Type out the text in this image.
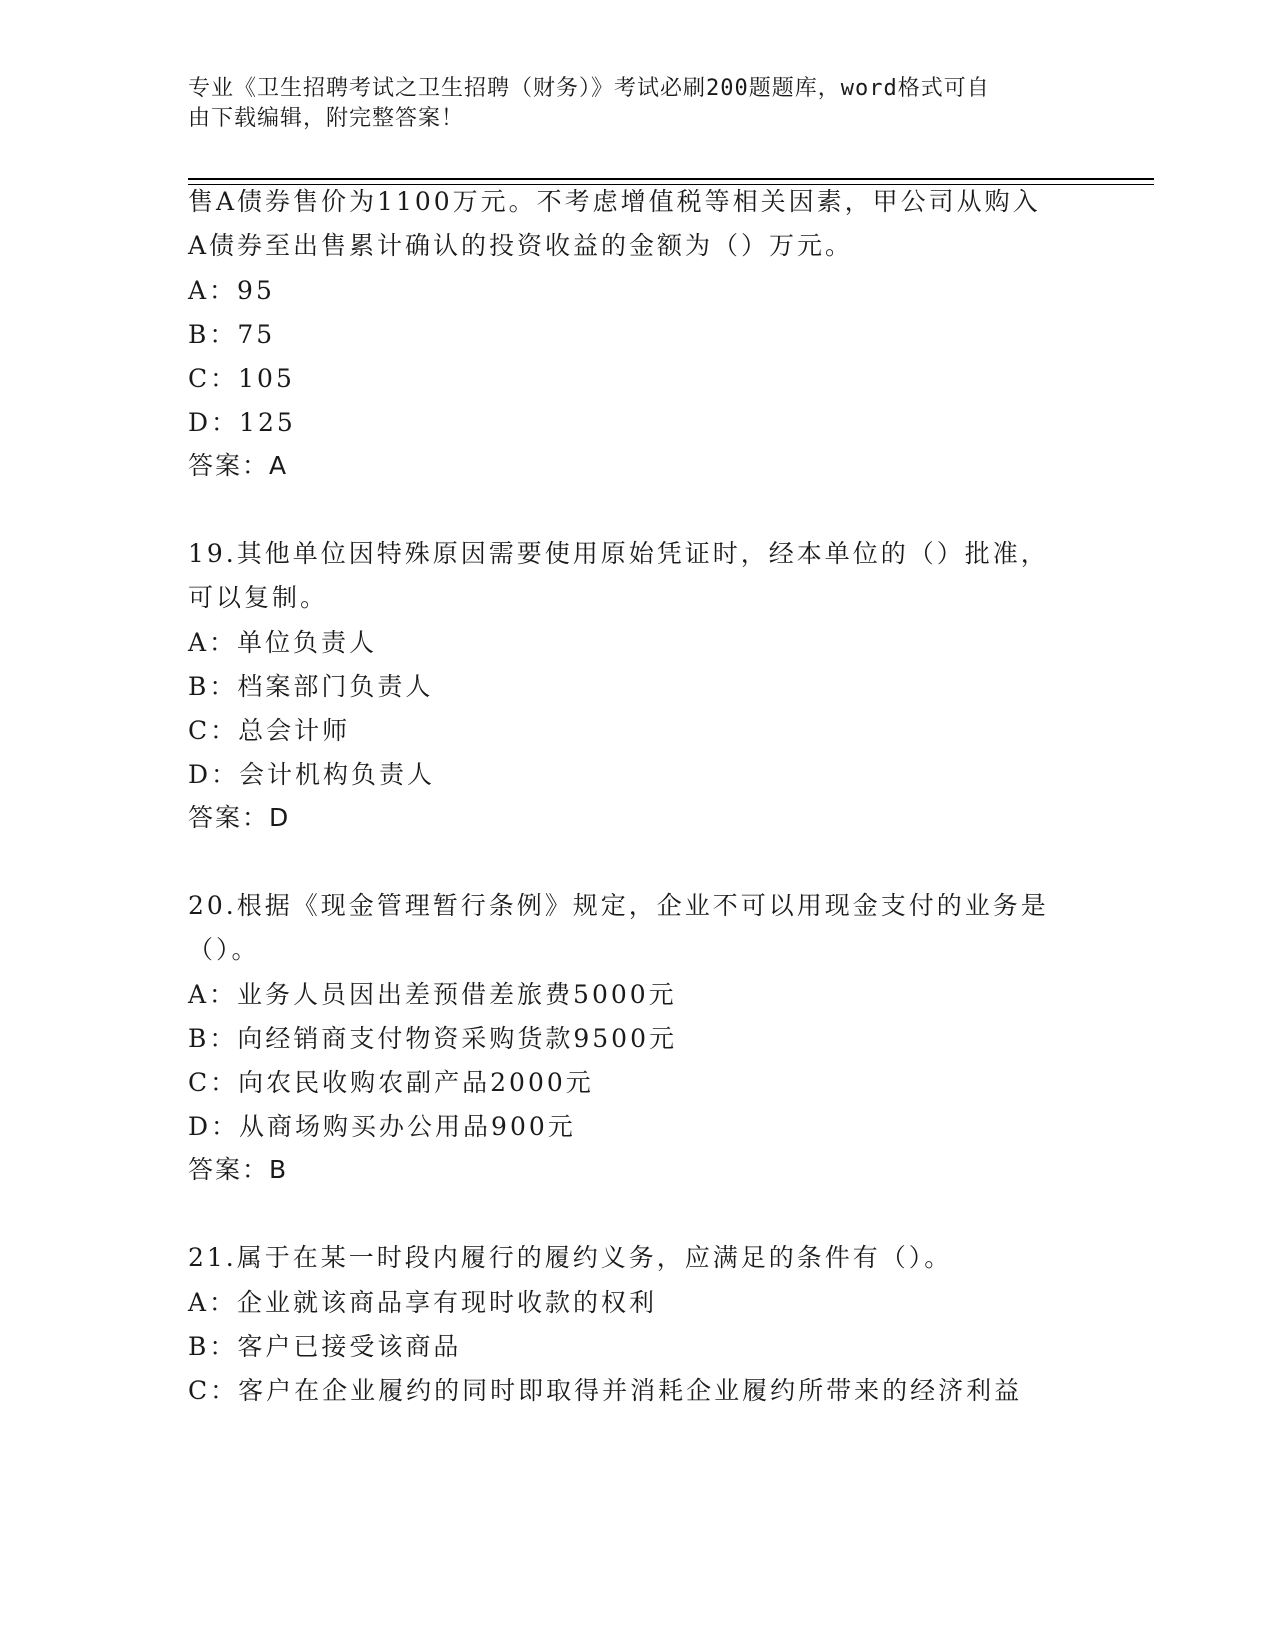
专业《卫生招聘考试之卫生招聘（财务）》考试必刷200题题库，word格式可自

由下载编辑，附完整答案！

售A债券售价为1100万元。不考虑增值税等相关因素，甲公司从购入
A债券至出售累计确认的投资收益的金额为（）万元。
A：95
B：75
C：105
D：125
答案：A
19.其他单位因特殊原因需要使用原始凭证时，经本单位的（）批准，
可以复制。
A：单位负责人
B：档案部门负责人
C：总会计师
D：会计机构负责人
答案：D
20.根据《现金管理暂行条例》规定，企业不可以用现金支付的业务是
（）。
A：业务人员因出差预借差旅费5000元
B：向经销商支付物资采购货款9500元
C：向农民收购农副产品2000元
D：从商场购买办公用品900元
答案：B
21.属于在某一时段内履行的履约义务，应满足的条件有（）。
A：企业就该商品享有现时收款的权利
B：客户已接受该商品
C：客户在企业履约的同时即取得并消耗企业履约所带来的经济利益
